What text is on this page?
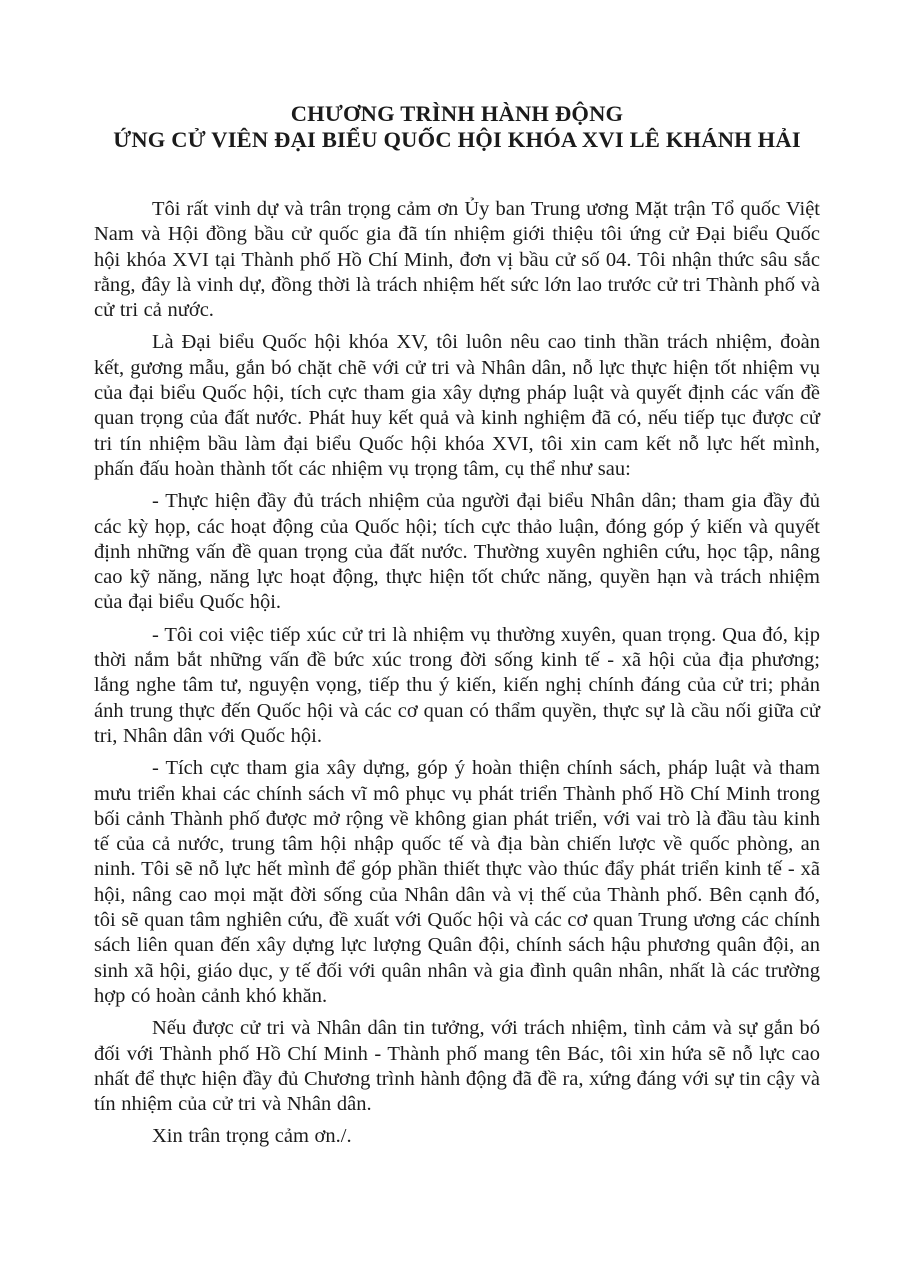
CHƯƠNG TRÌNH HÀNH ĐỘNG
ỨNG CỬ VIÊN ĐẠI BIỂU QUỐC HỘI KHÓA XVI LÊ KHÁNH HẢI

Tôi rất vinh dự và trân trọng cảm ơn Ủy ban Trung ương Mặt trận Tổ quốc Việt Nam và Hội đồng bầu cử quốc gia đã tín nhiệm giới thiệu tôi ứng cử Đại biểu Quốc hội khóa XVI tại Thành phố Hồ Chí Minh, đơn vị bầu cử số 04. Tôi nhận thức sâu sắc rằng, đây là vinh dự, đồng thời là trách nhiệm hết sức lớn lao trước cử tri Thành phố và cử tri cả nước.

Là Đại biểu Quốc hội khóa XV, tôi luôn nêu cao tinh thần trách nhiệm, đoàn kết, gương mẫu, gắn bó chặt chẽ với cử tri và Nhân dân, nỗ lực thực hiện tốt nhiệm vụ của đại biểu Quốc hội, tích cực tham gia xây dựng pháp luật và quyết định các vấn đề quan trọng của đất nước. Phát huy kết quả và kinh nghiệm đã có, nếu tiếp tục được cử tri tín nhiệm bầu làm đại biểu Quốc hội khóa XVI, tôi xin cam kết nỗ lực hết mình, phấn đấu hoàn thành tốt các nhiệm vụ trọng tâm, cụ thể như sau:

- Thực hiện đầy đủ trách nhiệm của người đại biểu Nhân dân; tham gia đầy đủ các kỳ họp, các hoạt động của Quốc hội; tích cực thảo luận, đóng góp ý kiến và quyết định những vấn đề quan trọng của đất nước. Thường xuyên nghiên cứu, học tập, nâng cao kỹ năng, năng lực hoạt động, thực hiện tốt chức năng, quyền hạn và trách nhiệm của đại biểu Quốc hội.

- Tôi coi việc tiếp xúc cử tri là nhiệm vụ thường xuyên, quan trọng. Qua đó, kịp thời nắm bắt những vấn đề bức xúc trong đời sống kinh tế - xã hội của địa phương; lắng nghe tâm tư, nguyện vọng, tiếp thu ý kiến, kiến nghị chính đáng của cử tri; phản ánh trung thực đến Quốc hội và các cơ quan có thẩm quyền, thực sự là cầu nối giữa cử tri, Nhân dân với Quốc hội.

- Tích cực tham gia xây dựng, góp ý hoàn thiện chính sách, pháp luật và tham mưu triển khai các chính sách vĩ mô phục vụ phát triển Thành phố Hồ Chí Minh trong bối cảnh Thành phố được mở rộng về không gian phát triển, với vai trò là đầu tàu kinh tế của cả nước, trung tâm hội nhập quốc tế và địa bàn chiến lược về quốc phòng, an ninh. Tôi sẽ nỗ lực hết mình để góp phần thiết thực vào thúc đẩy phát triển kinh tế - xã hội, nâng cao mọi mặt đời sống của Nhân dân và vị thế của Thành phố. Bên cạnh đó, tôi sẽ quan tâm nghiên cứu, đề xuất với Quốc hội và các cơ quan Trung ương các chính sách liên quan đến xây dựng lực lượng Quân đội, chính sách hậu phương quân đội, an sinh xã hội, giáo dục, y tế đối với quân nhân và gia đình quân nhân, nhất là các trường hợp có hoàn cảnh khó khăn.

Nếu được cử tri và Nhân dân tin tưởng, với trách nhiệm, tình cảm và sự gắn bó đối với Thành phố Hồ Chí Minh - Thành phố mang tên Bác, tôi xin hứa sẽ nỗ lực cao nhất để thực hiện đầy đủ Chương trình hành động đã đề ra, xứng đáng với sự tin cậy và tín nhiệm của cử tri và Nhân dân.

Xin trân trọng cảm ơn./.
